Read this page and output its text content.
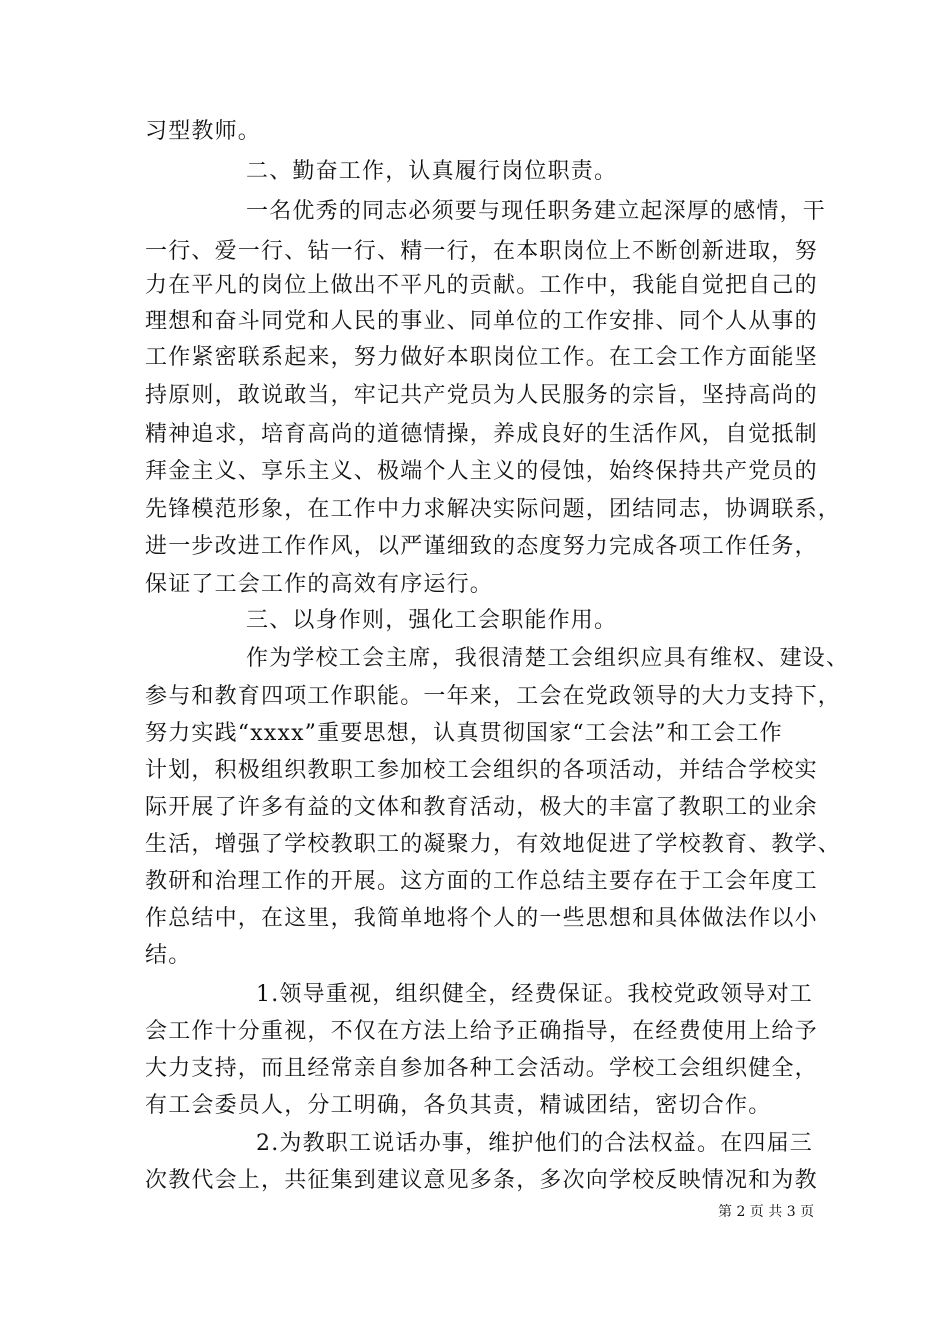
习型教师。
二、勤奋工作，认真履行岗位职责。
一名优秀的同志必须要与现任职务建立起深厚的感情，干
一行、爱一行、钻一行、精一行，在本职岗位上不断创新进取，努
力在平凡的岗位上做出不平凡的贡献。工作中，我能自觉把自己的
理想和奋斗同党和人民的事业、同单位的工作安排、同个人从事的
工作紧密联系起来，努力做好本职岗位工作。在工会工作方面能坚
持原则，敢说敢当，牢记共产党员为人民服务的宗旨，坚持高尚的
精神追求，培育高尚的道德情操，养成良好的生活作风，自觉抵制
拜金主义、享乐主义、极端个人主义的侵蚀，始终保持共产党员的
先锋模范形象，在工作中力求解决实际问题，团结同志，协调联系，
进一步改进工作作风，以严谨细致的态度努力完成各项工作任务，
保证了工会工作的高效有序运行。
三、以身作则，强化工会职能作用。
作为学校工会主席，我很清楚工会组织应具有维权、建设、
参与和教育四项工作职能。一年来，工会在党政领导的大力支持下，
努力实践“xxxx”重要思想，认真贯彻国家“工会法”和工会工作
计划，积极组织教职工参加校工会组织的各项活动，并结合学校实
际开展了许多有益的文体和教育活动，极大的丰富了教职工的业余
生活，增强了学校教职工的凝聚力，有效地促进了学校教育、教学、
教研和治理工作的开展。这方面的工作总结主要存在于工会年度工
作总结中，在这里，我简单地将个人的一些思想和具体做法作以小
结。
1.领导重视，组织健全，经费保证。我校党政领导对工
会工作十分重视，不仅在方法上给予正确指导，在经费使用上给予
大力支持，而且经常亲自参加各种工会活动。学校工会组织健全，
有工会委员人，分工明确，各负其责，精诚团结，密切合作。
2.为教职工说话办事，维护他们的合法权益。在四届三
次教代会上，共征集到建议意见多条，多次向学校反映情况和为教
第 2 页 共 3 页
